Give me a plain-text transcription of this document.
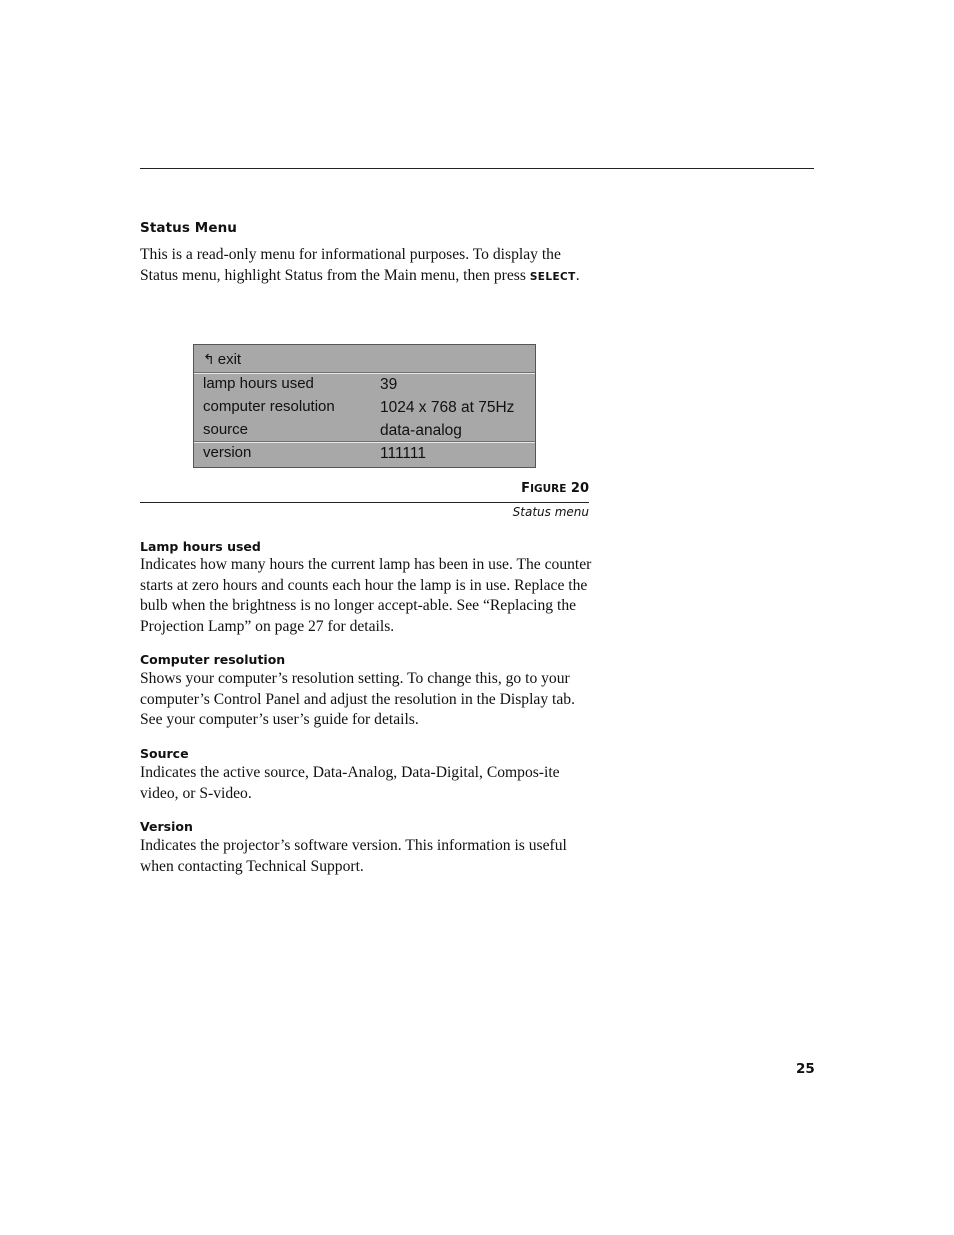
Status Menu
This is a read-only menu for informational purposes. To display the Status menu, highlight Status from the Main menu, then press SELECT.
↰ exit
lamp hours used	39
computer resolution	1024 x 768 at 75Hz
source	data-analog
version	111111
FIGURE 20
Status menu
Lamp hours used
Indicates how many hours the current lamp has been in use. The counter starts at zero hours and counts each hour the lamp is in use. Replace the bulb when the brightness is no longer accept-able. See “Replacing the Projection Lamp” on page 27 for details.
Computer resolution
Shows your computer’s resolution setting. To change this, go to your computer’s Control Panel and adjust the resolution in the Display tab. See your computer’s user’s guide for details.
Source
Indicates the active source, Data-Analog, Data-Digital, Compos-ite video, or S-video.
Version
Indicates the projector’s software version. This information is useful when contacting Technical Support.
25
